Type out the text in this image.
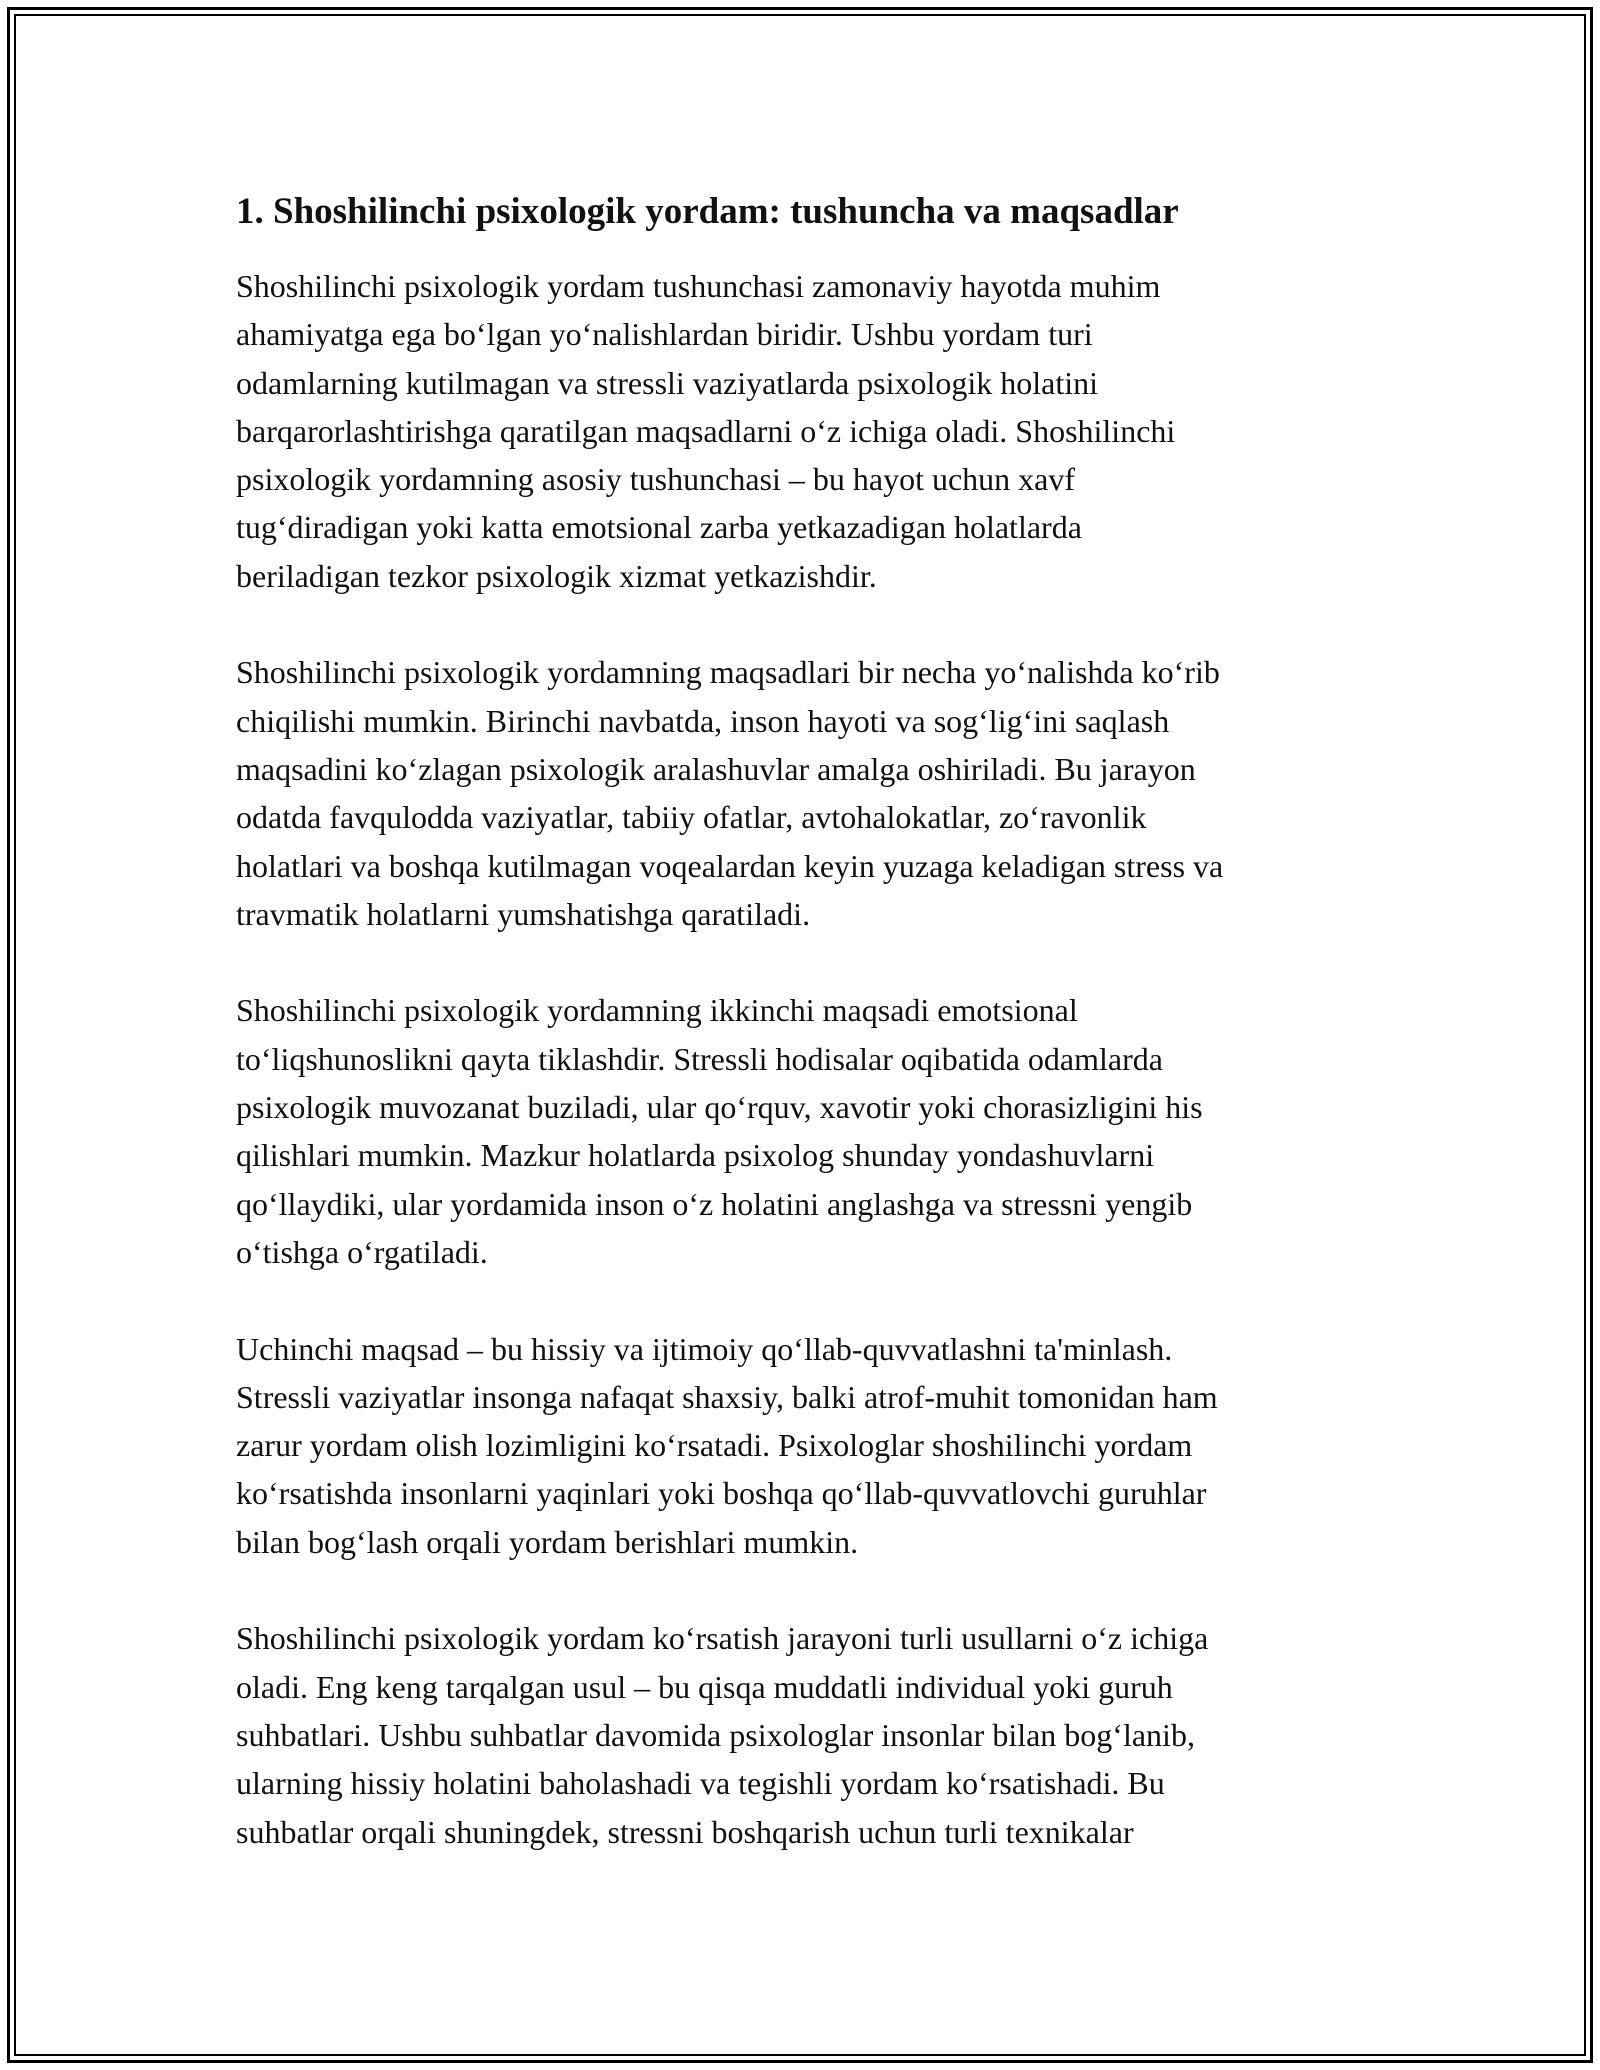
1. Shoshilinchi psixologik yordam: tushuncha va maqsadlar

Shoshilinchi psixologik yordam tushunchasi zamonaviy hayotda muhim
ahamiyatga ega bo‘lgan yo‘nalishlardan biridir. Ushbu yordam turi
odamlarning kutilmagan va stressli vaziyatlarda psixologik holatini
barqarorlashtirishga qaratilgan maqsadlarni o‘z ichiga oladi. Shoshilinchi
psixologik yordamning asosiy tushunchasi – bu hayot uchun xavf
tug‘diradigan yoki katta emotsional zarba yetkazadigan holatlarda
beriladigan tezkor psixologik xizmat yetkazishdir.

Shoshilinchi psixologik yordamning maqsadlari bir necha yo‘nalishda ko‘rib
chiqilishi mumkin. Birinchi navbatda, inson hayoti va sog‘lig‘ini saqlash
maqsadini ko‘zlagan psixologik aralashuvlar amalga oshiriladi. Bu jarayon
odatda favqulodda vaziyatlar, tabiiy ofatlar, avtohalokatlar, zo‘ravonlik
holatlari va boshqa kutilmagan voqealardan keyin yuzaga keladigan stress va
travmatik holatlarni yumshatishga qaratiladi.

Shoshilinchi psixologik yordamning ikkinchi maqsadi emotsional
to‘liqshunoslikni qayta tiklashdir. Stressli hodisalar oqibatida odamlarda
psixologik muvozanat buziladi, ular qo‘rquv, xavotir yoki chorasizligini his
qilishlari mumkin. Mazkur holatlarda psixolog shunday yondashuvlarni
qo‘llaydiki, ular yordamida inson o‘z holatini anglashga va stressni yengib
o‘tishga o‘rgatiladi.

Uchinchi maqsad – bu hissiy va ijtimoiy qo‘llab-quvvatlashni ta'minlash.
Stressli vaziyatlar insonga nafaqat shaxsiy, balki atrof-muhit tomonidan ham
zarur yordam olish lozimligini ko‘rsatadi. Psixologlar shoshilinchi yordam
ko‘rsatishda insonlarni yaqinlari yoki boshqa qo‘llab-quvvatlovchi guruhlar
bilan bog‘lash orqali yordam berishlari mumkin.

Shoshilinchi psixologik yordam ko‘rsatish jarayoni turli usullarni o‘z ichiga
oladi. Eng keng tarqalgan usul – bu qisqa muddatli individual yoki guruh
suhbatlari. Ushbu suhbatlar davomida psixologlar insonlar bilan bog‘lanib,
ularning hissiy holatini baholashadi va tegishli yordam ko‘rsatishadi. Bu
suhbatlar orqali shuningdek, stressni boshqarish uchun turli texnikalar
